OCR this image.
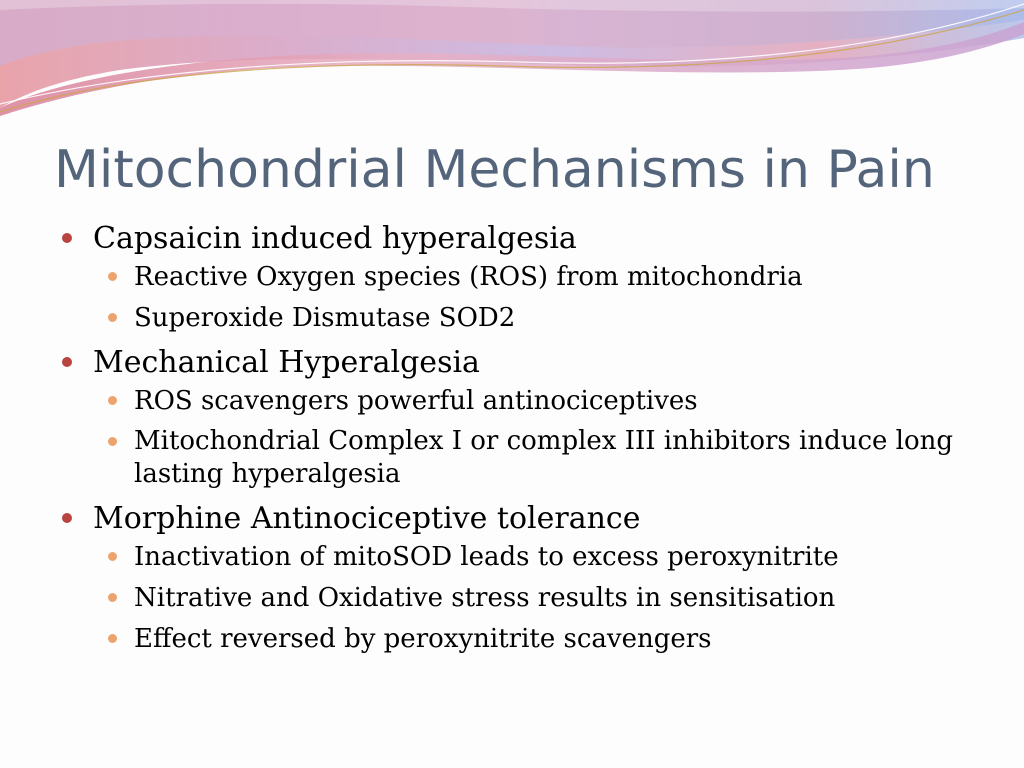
Mitochondrial Mechanisms in Pain
Capsaicin induced hyperalgesia
Reactive Oxygen species (ROS) from mitochondria
Superoxide Dismutase SOD2
Mechanical Hyperalgesia
ROS scavengers powerful antinociceptives
Mitochondrial Complex I or complex III inhibitors induce long lasting hyperalgesia
Morphine Antinociceptive tolerance
Inactivation of mitoSOD leads to excess peroxynitrite
Nitrative and Oxidative stress results in sensitisation
Effect reversed by peroxynitrite scavengers
